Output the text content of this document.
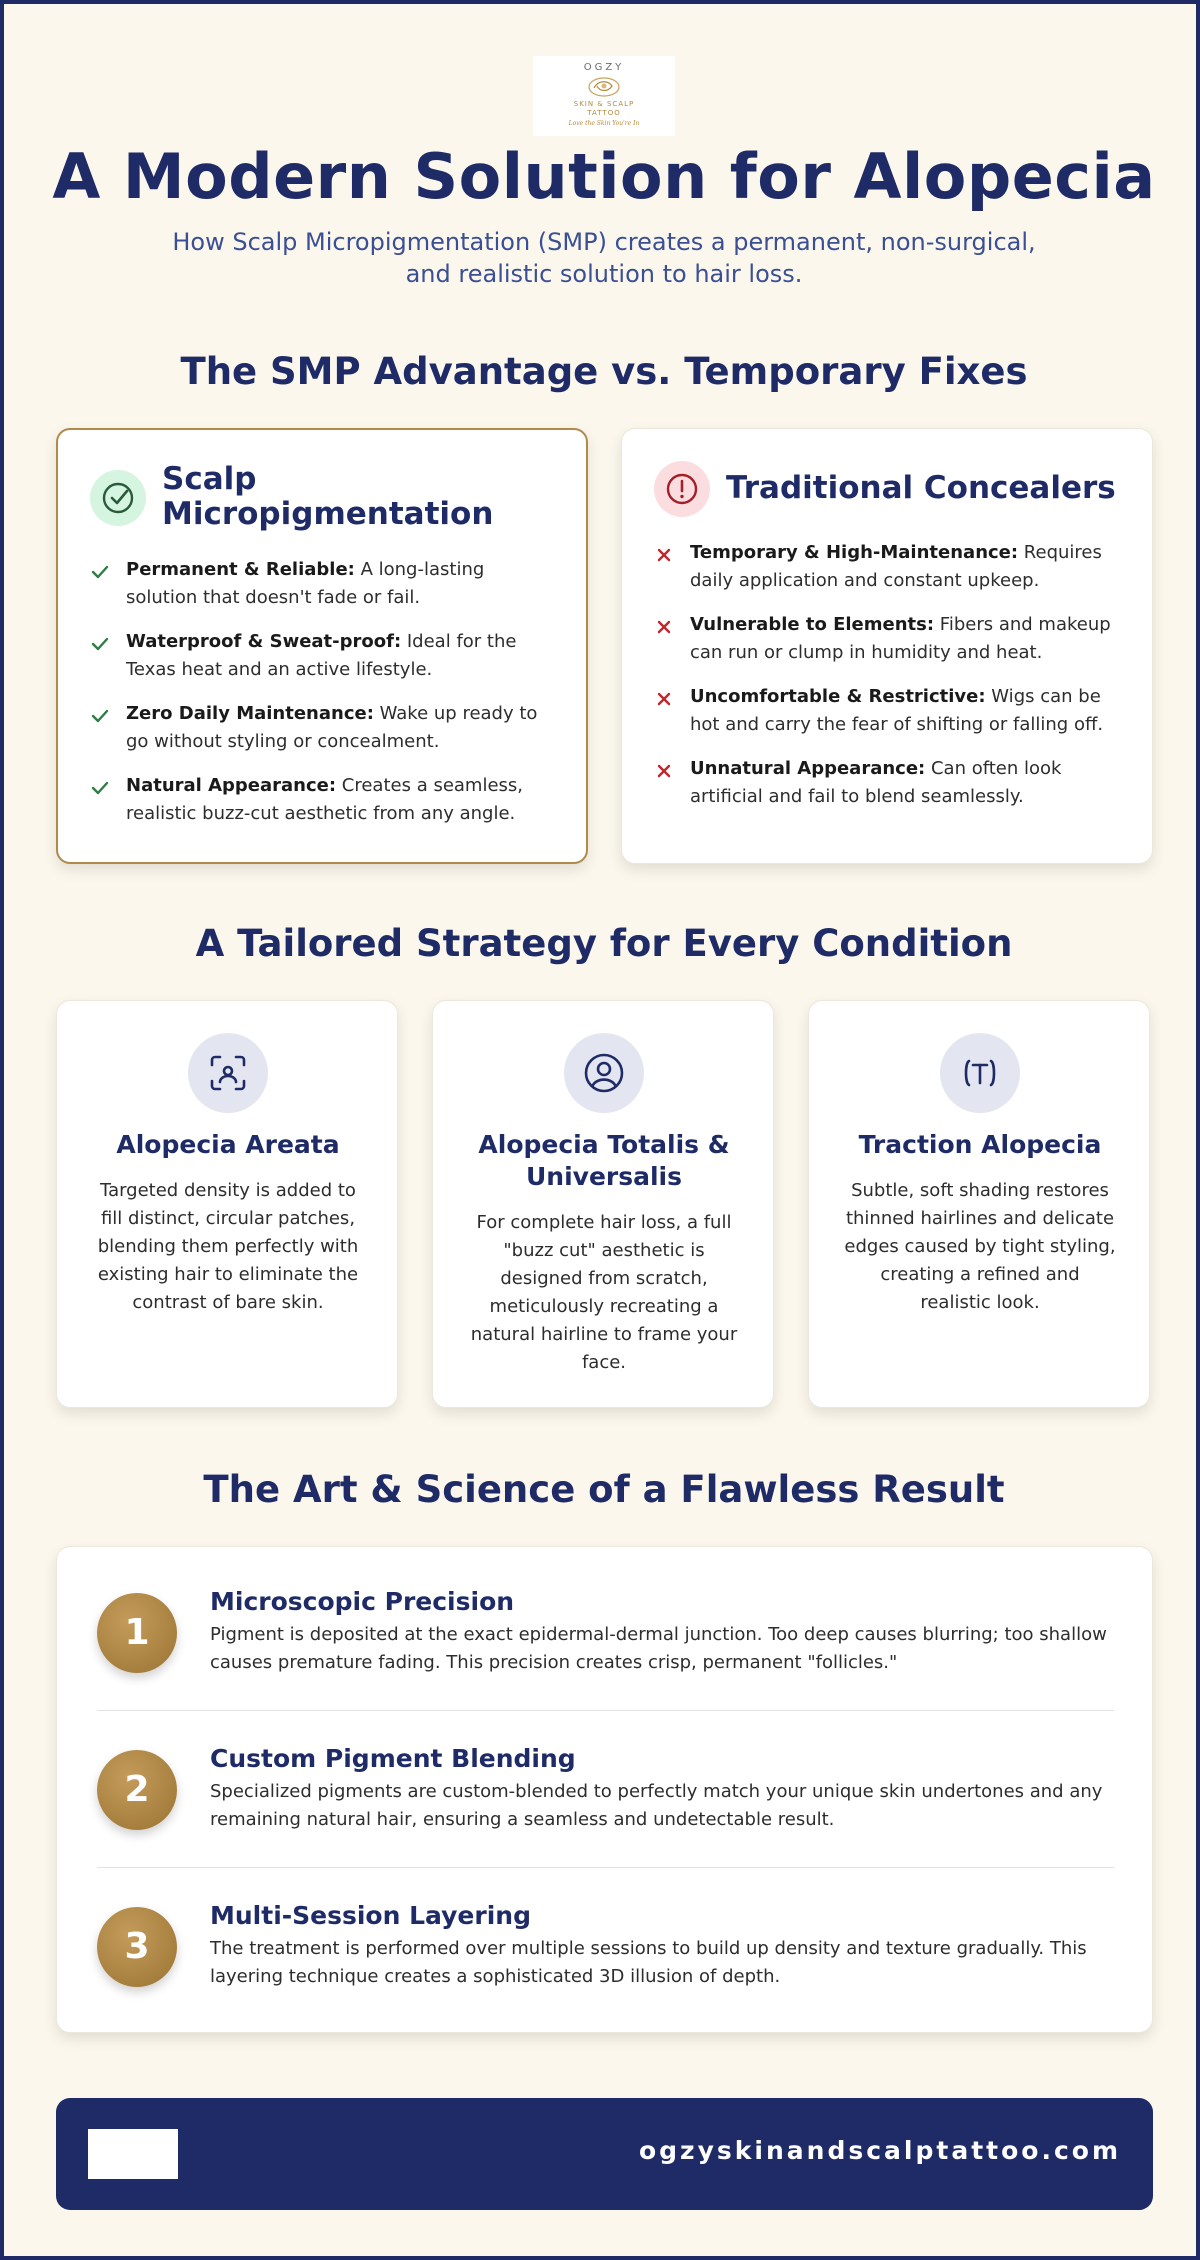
OGZY
SKIN & SCALP
TATTOO
Love the Skin You're In
A Modern Solution for Alopecia
How Scalp Micropigmentation (SMP) creates a permanent, non-surgical, and realistic solution to hair loss.
The SMP Advantage vs. Temporary Fixes
Scalp Micropigmentation
Permanent & Reliable: A long-lasting solution that doesn't fade or fail.
Waterproof & Sweat-proof: Ideal for the Texas heat and an active lifestyle.
Zero Daily Maintenance: Wake up ready to go without styling or concealment.
Natural Appearance: Creates a seamless, realistic buzz-cut aesthetic from any angle.
Traditional Concealers
Temporary & High-Maintenance: Requires daily application and constant upkeep.
Vulnerable to Elements: Fibers and makeup can run or clump in humidity and heat.
Uncomfortable & Restrictive: Wigs can be hot and carry the fear of shifting or falling off.
Unnatural Appearance: Can often look artificial and fail to blend seamlessly.
A Tailored Strategy for Every Condition
Alopecia Areata
Targeted density is added to fill distinct, circular patches, blending them perfectly with existing hair to eliminate the contrast of bare skin.
Alopecia Totalis & Universalis
For complete hair loss, a full "buzz cut" aesthetic is designed from scratch, meticulously recreating a natural hairline to frame your face.
Traction Alopecia
Subtle, soft shading restores thinned hairlines and delicate edges caused by tight styling, creating a refined and realistic look.
The Art & Science of a Flawless Result
1
Microscopic Precision
Pigment is deposited at the exact epidermal-dermal junction. Too deep causes blurring; too shallow causes premature fading. This precision creates crisp, permanent "follicles."
2
Custom Pigment Blending
Specialized pigments are custom-blended to perfectly match your unique skin undertones and any remaining natural hair, ensuring a seamless and undetectable result.
3
Multi-Session Layering
The treatment is performed over multiple sessions to build up density and texture gradually. This layering technique creates a sophisticated 3D illusion of depth.
ogzyskinandscalptattoo.com
